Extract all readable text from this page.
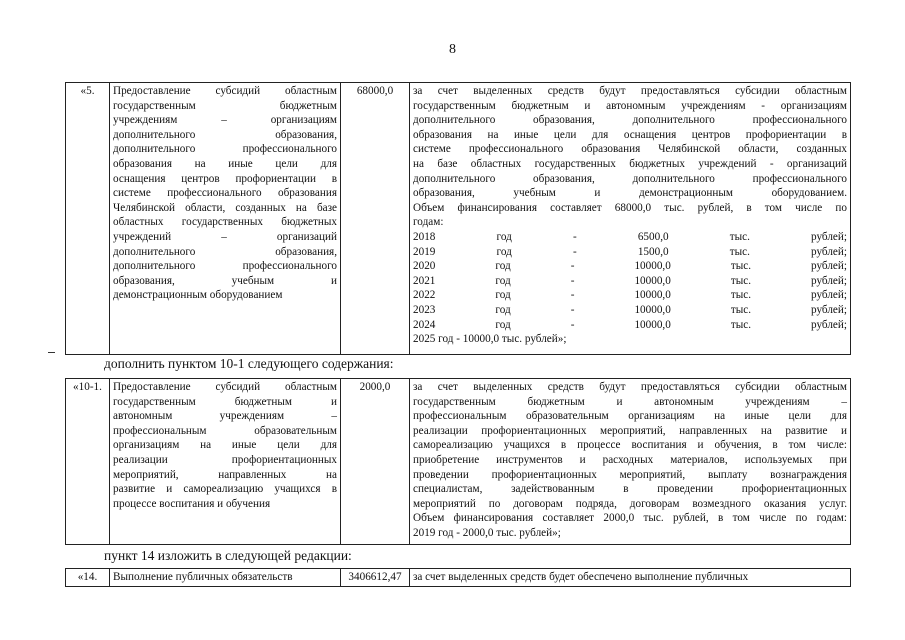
8
«5.	Предоставление субсидий областным
государственным бюджетным
учреждениям – организациям
дополнительного образования,
дополнительного профессионального
образования на иные цели для
оснащения центров профориентации в
системе профессионального образования
Челябинской области, созданных на базе
областных государственных бюджетных
учреждений – организаций
дополнительного образования,
дополнительного профессионального
образования, учебным и
демонстрационным оборудованием
	68000,0	за счет выделенных средств будут предоставляться субсидии областным
государственным бюджетным и автономным учреждениям - организациям
дополнительного образования, дополнительного профессионального
образования на иные цели для оснащения центров профориентации в
системе профессионального образования Челябинской области, созданных
на базе областных государственных бюджетных учреждений - организаций
дополнительного образования, дополнительного профессионального
образования, учебным и демонстрационным оборудованием.
Объем финансирования составляет 68000,0 тыс. рублей, в том числе по
годам:
2018 год - 6500,0 тыс. рублей;
2019 год - 1500,0 тыс. рублей;
2020 год - 10000,0 тыс. рублей;
2021 год - 10000,0 тыс. рублей;
2022 год - 10000,0 тыс. рублей;
2023 год - 10000,0 тыс. рублей;
2024 год - 10000,0 тыс. рублей;
2025 год - 10000,0 тыс. рублей»;
дополнить пунктом 10-1 следующего содержания:
«10-1.	Предоставление субсидий областным
государственным бюджетным и
автономным учреждениям –
профессиональным образовательным
организациям на иные цели для
реализации профориентационных
мероприятий, направленных на
развитие и самореализацию учащихся в
процессе воспитания и обучения
	2000,0	за счет выделенных средств будут предоставляться субсидии областным
государственным бюджетным и автономным учреждениям –
профессиональным образовательным организациям на иные цели для
реализации профориентационных мероприятий, направленных на развитие и
самореализацию учащихся в процессе воспитания и обучения, в том числе:
приобретение инструментов и расходных материалов, используемых при
проведении профориентационных мероприятий, выплату вознаграждения
специалистам, задействованным в проведении профориентационных
мероприятий по договорам подряда, договорам возмездного оказания услуг.
Объем финансирования составляет 2000,0 тыс. рублей, в том числе по годам:
2019 год - 2000,0 тыс. рублей»;
пункт 14 изложить в следующей редакции:
«14.	Выполнение публичных обязательств	3406612,47	за счет выделенных средств будет обеспечено выполнение публичных
